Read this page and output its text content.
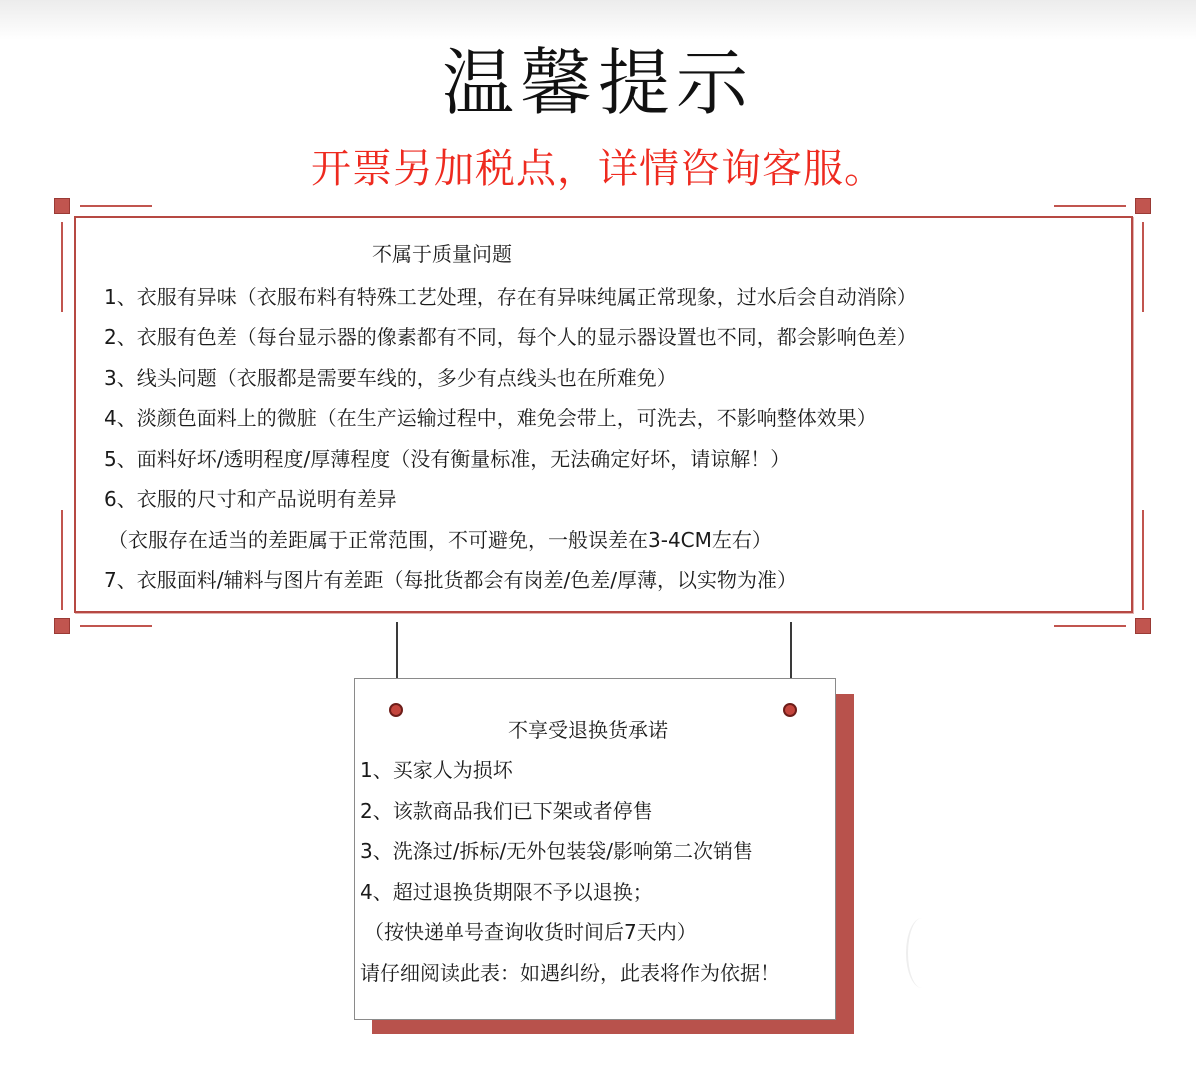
温馨提示
开票另加税点，详情咨询客服。
不属于质量问题
1、衣服有异味（衣服布料有特殊工艺处理，存在有异味纯属正常现象，过水后会自动消除）
2、衣服有色差（每台显示器的像素都有不同，每个人的显示器设置也不同，都会影响色差）
3、线头问题（衣服都是需要车线的，多少有点线头也在所难免）
4、淡颜色面料上的微脏（在生产运输过程中，难免会带上，可洗去，不影响整体效果）
5、面料好坏/透明程度/厚薄程度（没有衡量标准，无法确定好坏，请谅解！）
6、衣服的尺寸和产品说明有差异
（衣服存在适当的差距属于正常范围，不可避免，一般误差在3-4CM左右）
7、衣服面料/辅料与图片有差距（每批货都会有岗差/色差/厚薄，以实物为准）
不享受退换货承诺
1、买家人为损坏
2、该款商品我们已下架或者停售
3、洗涤过/拆标/无外包装袋/影响第二次销售
4、超过退换货期限不予以退换；
（按快递单号查询收货时间后7天内）
请仔细阅读此表：如遇纠纷，此表将作为依据！
